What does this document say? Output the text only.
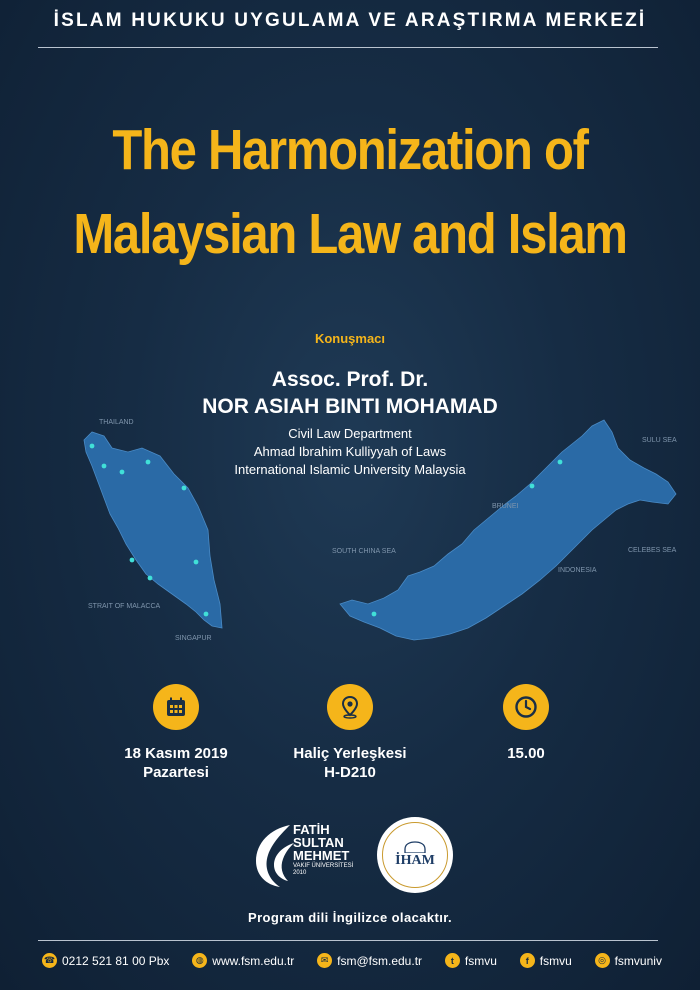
İSLAM HUKUKU UYGULAMA VE ARAŞTIRMA MERKEZİ
The Harmonization of
Malaysian Law and Islam
Konuşmacı
Assoc. Prof. Dr.
NOR ASIAH BINTI MOHAMAD
THAILAND
SULU SEA
BRUNEI
SOUTH CHINA SEA
INDONESIA
CELEBES SEA
STRAIT OF MALACCA
SINGAPUR
Civil Law Department
Ahmad Ibrahim Kulliyyah of Laws
International Islamic University Malaysia
18 Kasım 2019
Pazartesi
Haliç Yerleşkesi
H-D210
15.00
FATİH
SULTAN
MEHMET
VAKIF ÜNİVERSİTESİ
2010
İHAM
Program dili İngilizce olacaktır.
☎ 0212 521 81 00 Pbx	◍ www.fsm.edu.tr	✉ fsm@fsm.edu.tr	t fsmvu	f fsmvu	◎ fsmvuniv
